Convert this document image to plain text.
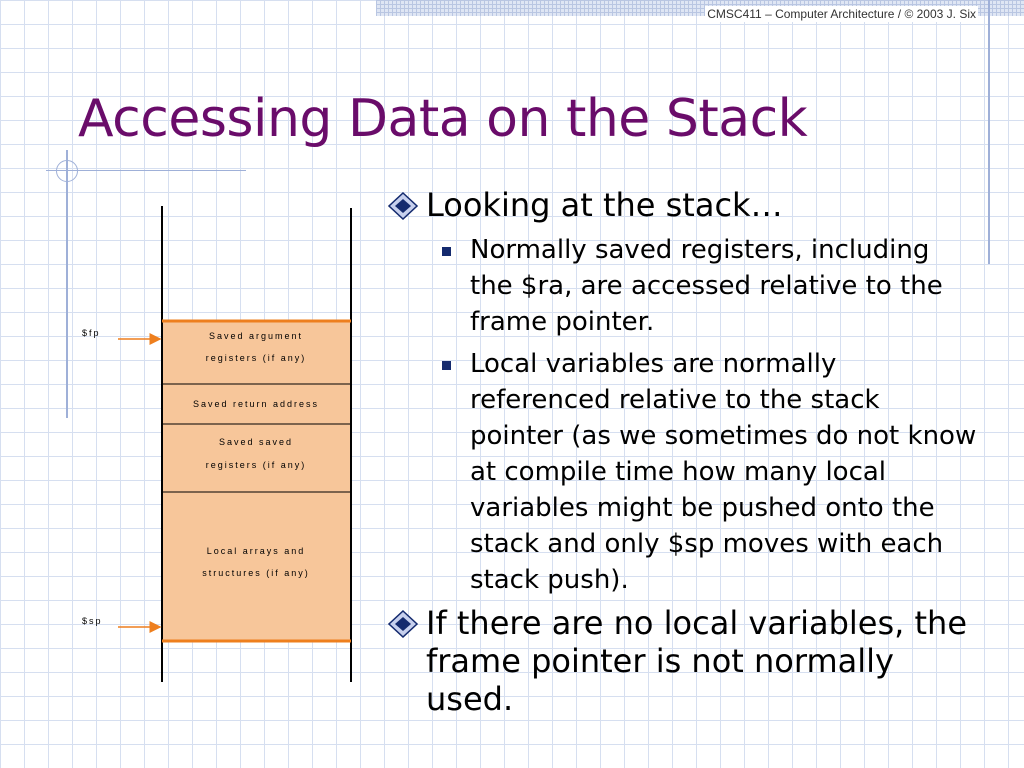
CMSC411 – Computer Architecture / © 2003 J. Six
Accessing Data on the Stack
Saved argument
registers (if any)
Saved return address
Saved saved
registers (if any)
Local arrays and
structures (if any)
$fp
$sp
Looking at the stack…
Normally saved registers, including the $ra, are accessed relative to the frame pointer.
Local variables are normally referenced relative to the stack pointer (as we sometimes do not know at compile time how many local variables might be pushed onto the stack and only $sp moves with each stack push).
If there are no local variables, the frame pointer is not normally used.
